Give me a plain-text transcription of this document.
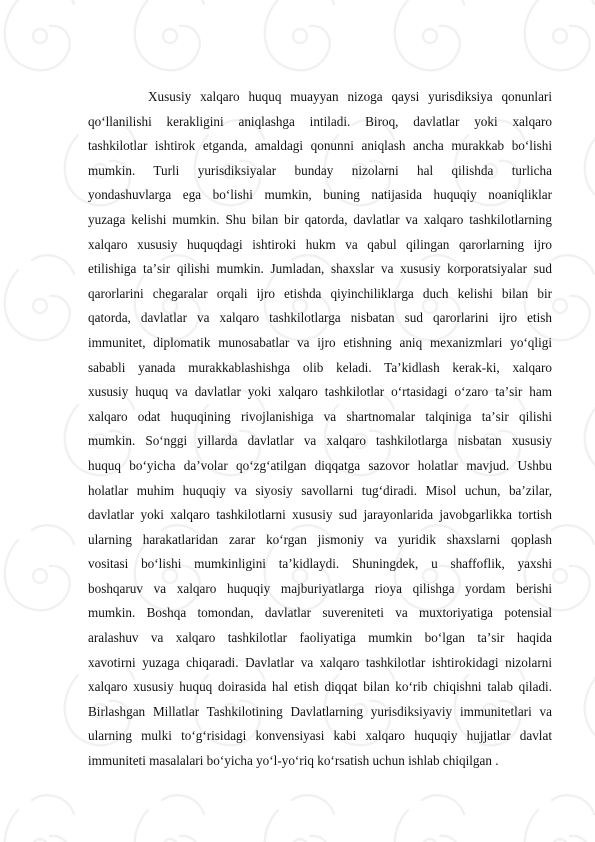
Xususiy xalqaro huquq muayyan nizoga qaysi yurisdiksiya qonunlari
qoʻllanilishi kerakligini aniqlashga intiladi. Biroq, davlatlar yoki xalqaro
tashkilotlar ishtirok etganda, amaldagi qonunni aniqlash ancha murakkab boʻlishi
mumkin. Turli yurisdiksiyalar bunday nizolarni hal qilishda turlicha
yondashuvlarga ega boʻlishi mumkin, buning natijasida huquqiy noaniqliklar
yuzaga kelishi mumkin. Shu bilan bir qatorda, davlatlar va xalqaro tashkilotlarning
xalqaro xususiy huquqdagi ishtiroki hukm va qabul qilingan qarorlarning ijro
etilishiga taʼsir qilishi mumkin. Jumladan, shaxslar va xususiy korporatsiyalar sud
qarorlarini chegaralar orqali ijro etishda qiyinchiliklarga duch kelishi bilan bir
qatorda, davlatlar va xalqaro tashkilotlarga nisbatan sud qarorlarini ijro etish
immunitet, diplomatik munosabatlar va ijro etishning aniq mexanizmlari yoʻqligi
sababli yanada murakkablashishga olib keladi. Taʼkidlash kerak-ki, xalqaro
xususiy huquq va davlatlar yoki xalqaro tashkilotlar oʻrtasidagi oʻzaro taʼsir ham
xalqaro odat huquqining rivojlanishiga va shartnomalar talqiniga taʼsir qilishi
mumkin. Soʻnggi yillarda davlatlar va xalqaro tashkilotlarga nisbatan xususiy
huquq boʻyicha daʼvolar qoʻzgʻatilgan diqqatga sazovor holatlar mavjud. Ushbu
holatlar muhim huquqiy va siyosiy savollarni tugʻdiradi. Misol uchun, baʼzilar,
davlatlar yoki xalqaro tashkilotlarni xususiy sud jarayonlarida javobgarlikka tortish
ularning harakatlaridan zarar koʻrgan jismoniy va yuridik shaxslarni qoplash
vositasi boʻlishi mumkinligini taʼkidlaydi. Shuningdek, u shaffoflik, yaxshi
boshqaruv va xalqaro huquqiy majburiyatlarga rioya qilishga yordam berishi
mumkin. Boshqa tomondan, davlatlar suvereniteti va muxtoriyatiga potensial
aralashuv va xalqaro tashkilotlar faoliyatiga mumkin boʻlgan taʼsir haqida
xavotirni yuzaga chiqaradi. Davlatlar va xalqaro tashkilotlar ishtirokidagi nizolarni
xalqaro xususiy huquq doirasida hal etish diqqat bilan ko‘rib chiqishni talab qiladi.
Birlashgan Millatlar Tashkilotining Davlatlarning yurisdiksiyaviy immunitetlari va
ularning mulki to‘g‘risidagi konvensiyasi kabi xalqaro huquqiy hujjatlar davlat
immuniteti masalalari bo‘yicha yo‘l-yo‘riq ko‘rsatish uchun ishlab chiqilgan .
